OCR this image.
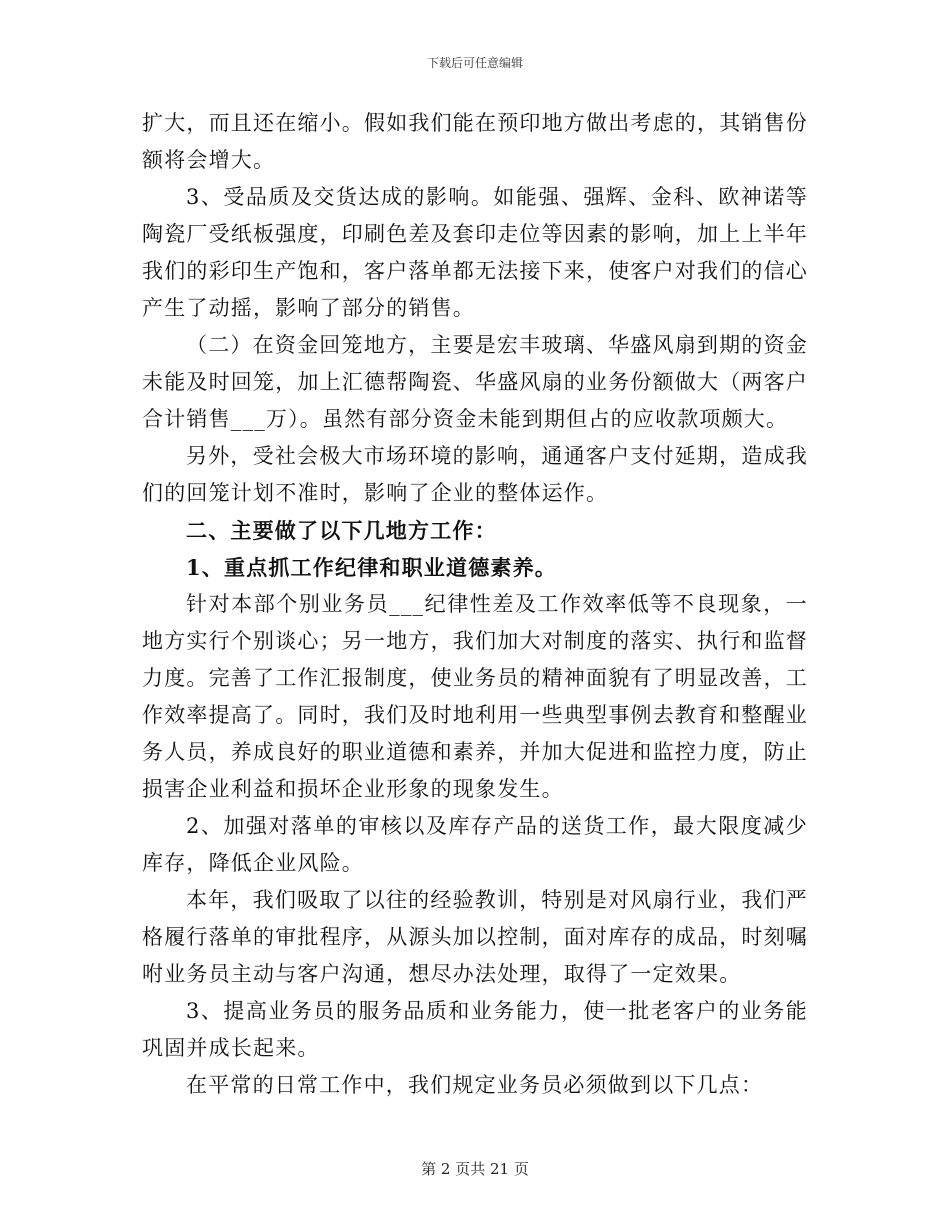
下载后可任意编辑

扩大，而且还在缩小。假如我们能在预印地方做出考虑的，其销售份额将会增大。

3、受品质及交货达成的影响。如能强、强辉、金科、欧神诺等陶瓷厂受纸板强度，印刷色差及套印走位等因素的影响，加上上半年我们的彩印生产饱和，客户落单都无法接下来，使客户对我们的信心产生了动摇，影响了部分的销售。

（二）在资金回笼地方，主要是宏丰玻璃、华盛风扇到期的资金未能及时回笼，加上汇德帮陶瓷、华盛风扇的业务份额做大（两客户合计销售___万）。虽然有部分资金未能到期但占的应收款项颇大。

另外，受社会极大市场环境的影响，通通客户支付延期，造成我们的回笼计划不准时，影响了企业的整体运作。

二、主要做了以下几地方工作：

1、重点抓工作纪律和职业道德素养。

针对本部个别业务员___纪律性差及工作效率低等不良现象，一地方实行个别谈心；另一地方，我们加大对制度的落实、执行和监督力度。完善了工作汇报制度，使业务员的精神面貌有了明显改善，工作效率提高了。同时，我们及时地利用一些典型事例去教育和整醒业务人员，养成良好的职业道德和素养，并加大促进和监控力度，防止损害企业利益和损坏企业形象的现象发生。

2、加强对落单的审核以及库存产品的送货工作，最大限度减少库存，降低企业风险。

本年，我们吸取了以往的经验教训，特别是对风扇行业，我们严格履行落单的审批程序，从源头加以控制，面对库存的成品，时刻嘱咐业务员主动与客户沟通，想尽办法处理，取得了一定效果。

3、提高业务员的服务品质和业务能力，使一批老客户的业务能巩固并成长起来。

在平常的日常工作中，我们规定业务员必须做到以下几点：

第 2 页共 21 页
